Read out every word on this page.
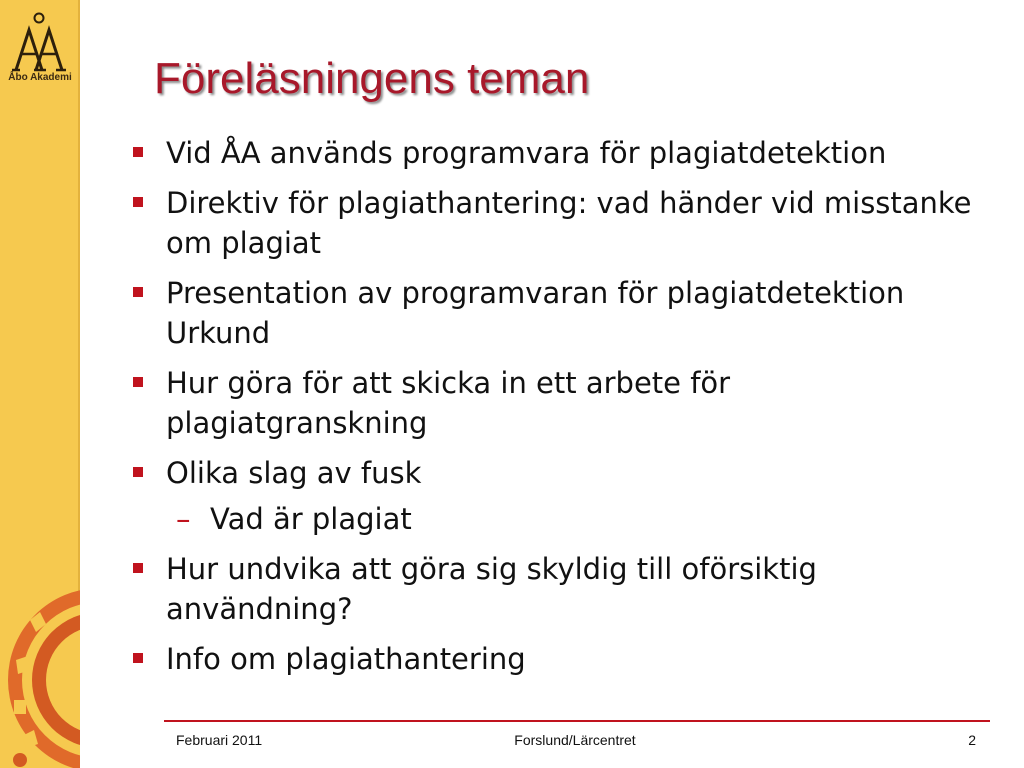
Åbo Akademi Föreläsningens teman
Vid ÅA används programvara för plagiatdetektion
Direktiv för plagiathantering: vad händer vid misstanke om plagiat
Presentation av programvaran för plagiatdetektion Urkund
Hur göra för att skicka in ett arbete för plagiatgranskning
Olika slag av fusk
– Vad är plagiat
Hur undvika att göra sig skyldig till oförsiktig användning?
Info om plagiathantering
Februari 2011	Forslund/Lärcentret	2
